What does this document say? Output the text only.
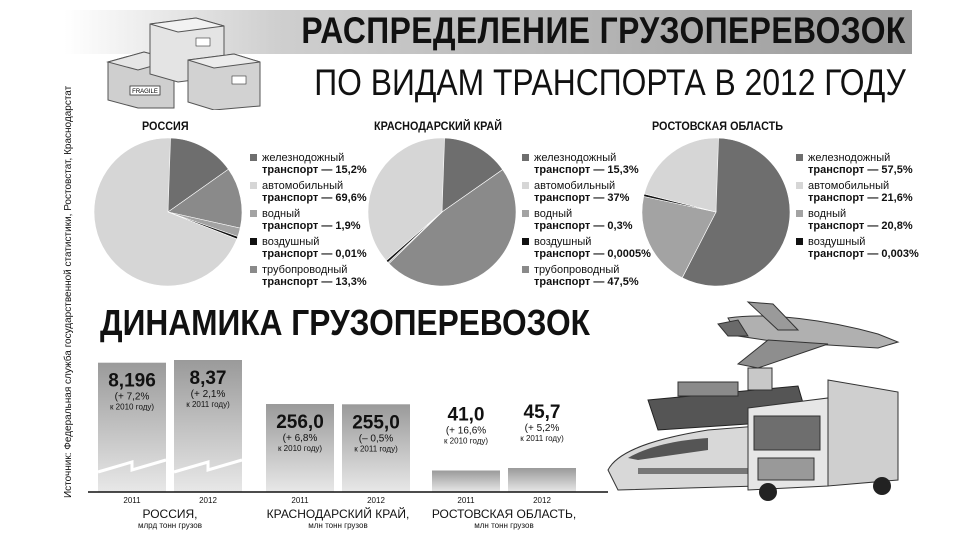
РАСПРЕДЕЛЕНИЕ ГРУЗОПЕРЕВОЗОК
ПО ВИДАМ ТРАНСПОРТА В 2012 ГОДУ
FRAGILE
Источник: Федеральная служба государственной статистики, Ростовстат, Краснодарстат	РОССИЯ	КРАСНОДАРСКИЙ КРАЙ	РОСТОВСКАЯ ОБЛАСТЬ
железнодожный
транспорт — 15,2%
автомобильный
транспорт — 69,6%
водный
транспорт — 1,9%
воздушный
транспорт — 0,01%
трубопроводный
транспорт — 13,3%
железнодожный
транспорт — 15,3%
автомобильный
транспорт — 37%
водный
транспорт — 0,3%
воздушный
транспорт — 0,0005%
трубопроводный
транспорт — 47,5%
железнодожный
транспорт — 57,5%
автомобильный
транспорт — 21,6%
водный
транспорт — 20,8%
воздушный
транспорт — 0,003%
ДИНАМИКА ГРУЗОПЕРЕВОЗОК
8,196
(+ 7,2%
к 2010 году)
2011
8,37
(+ 2,1%
к 2011 году)
2012
РОССИЯ,
млрд тонн грузов
256,0
(+ 6,8%
к 2010 году)
2011
255,0
(– 0,5%
к 2011 году)
2012
КРАСНОДАРСКИЙ КРАЙ,
млн тонн грузов
41,0
(+ 16,6%
к 2010 году)
2011
45,7
(+ 5,2%
к 2011 году)
2012
РОСТОВСКАЯ ОБЛАСТЬ,
млн тонн грузов
